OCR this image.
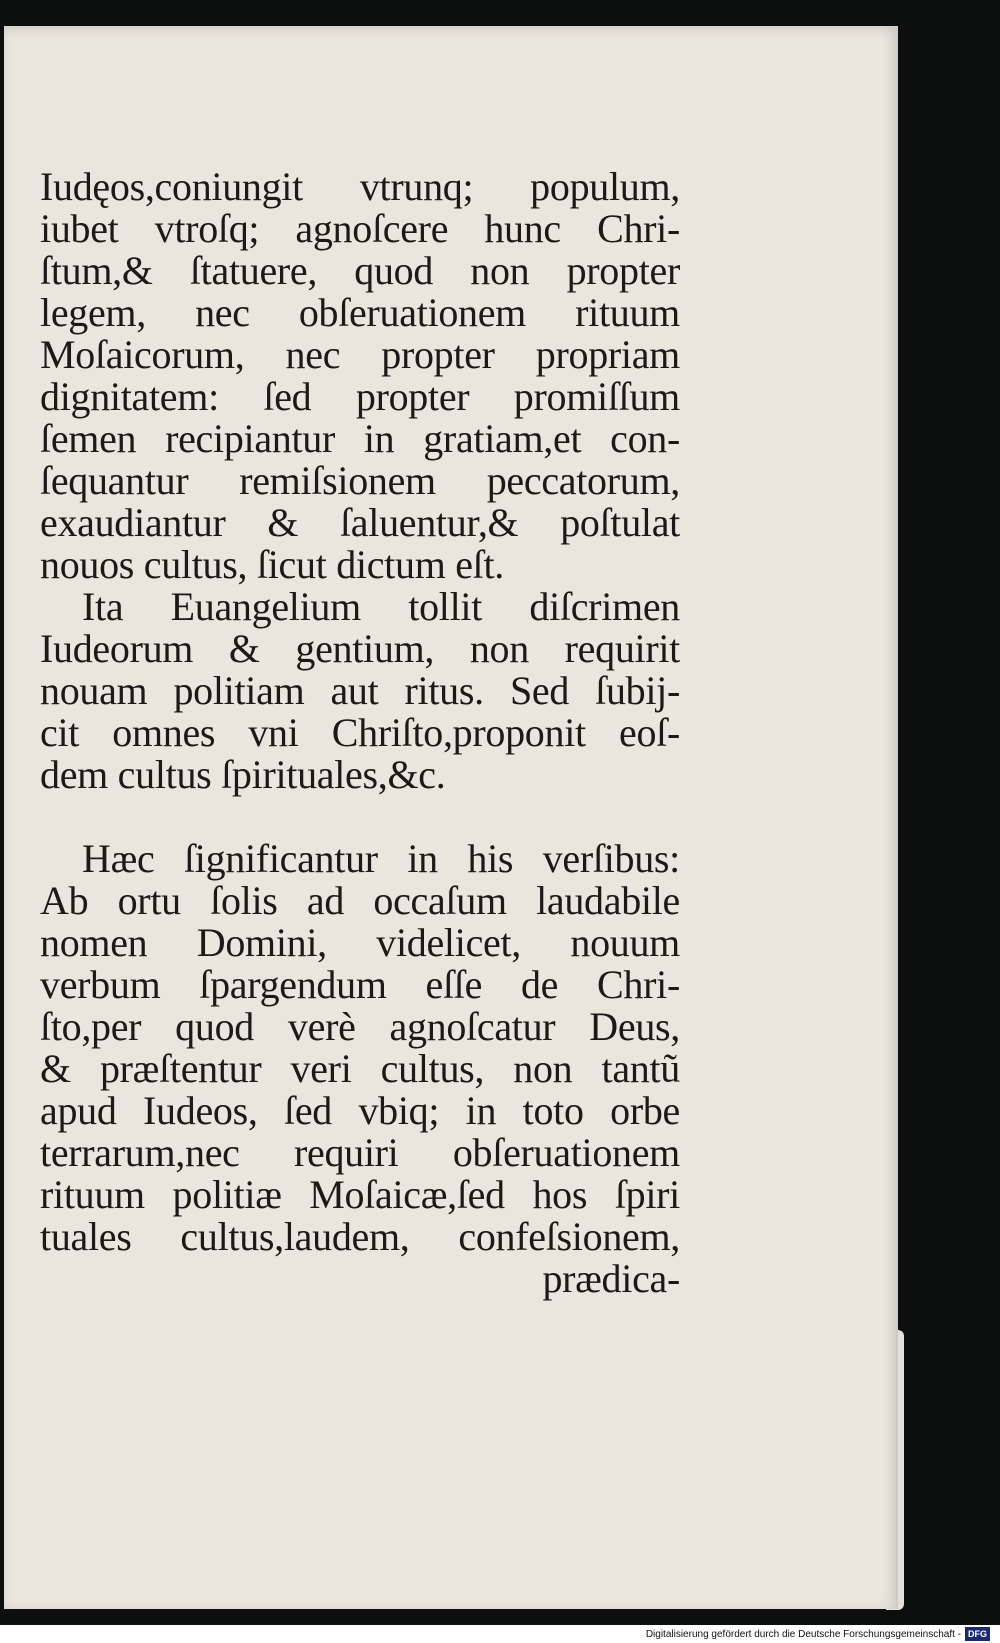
Iudęos,coniungit vtrunq; populum,
iubet vtroſq; agnoſcere hunc Chri-
ſtum,& ſtatuere, quod non propter
legem, nec obſeruationem rituum
Moſaicorum, nec propter propriam
dignitatem: ſed propter promiſſum
ſemen recipiantur in gratiam,et con-
ſequantur remiſsionem peccatorum,
exaudiantur & ſaluentur,& poſtulat
nouos cultus, ſicut dictum eſt.
Ita Euangelium tollit diſcrimen
Iudeorum & gentium, non requirit
nouam politiam aut ritus. Sed ſubij-
cit omnes vni Chriſto,proponit eoſ-
dem cultus ſpirituales,&c.
Hæc ſignificantur in his verſibus:
Ab ortu ſolis ad occaſum laudabile
nomen Domini, videlicet, nouum
verbum ſpargendum eſſe de Chri-
ſto,per quod verè agnoſcatur Deus,
& præſtentur veri cultus, non tantũ
apud Iudeos, ſed vbiq; in toto orbe
terrarum,nec requiri obſeruationem
rituum politiæ Moſaicæ,ſed hos ſpiri
tuales cultus,laudem, confeſsionem,
prædica-
Digitalisierung gefördert durch die Deutsche Forschungsgemeinschaft - DFG
